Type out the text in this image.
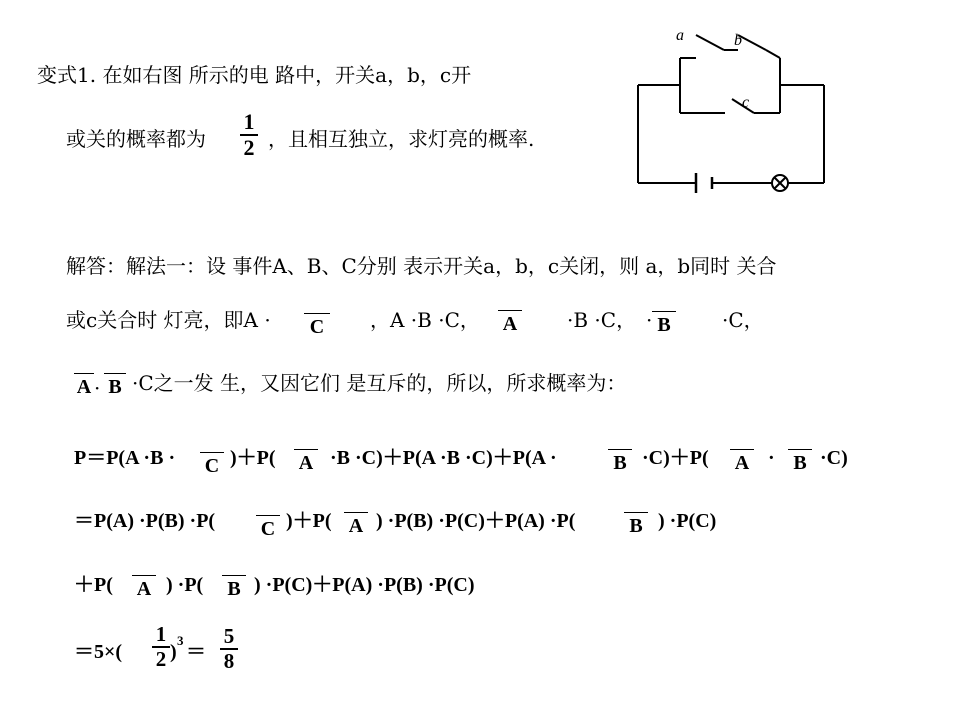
变式1. 在如右图 所示的电 路中，开关a，b，c开
或关的概率都为
1
2 ，且相互独立，求灯亮的概率.
a	b
c
解答：解法一：设 事件A、B、C分别 表示开关a，b，c关闭，则 a，b同时 关合
或c关合时 灯亮，即A · C ，A ·B ·C， A ·B ·C， · B	·C，
A · B ·C之一发 生，又因它们 是互斥的，所以，所求概率为：
P＝P(A ·B · C )＋P( A ·B ·C)＋P(A ·B ·C)＋P(A ·	B ·C)＋P( A · B ·C)
＝P(A) ·P(B) ·P( C )＋P( A ) ·P(B) ·P(C)＋P(A) ·P(	B ) ·P(C)
＋P( A ) ·P( B ) ·P(C)＋P(A) ·P(B) ·P(C)
＝5×(
1
2 )
3
＝
5
8
